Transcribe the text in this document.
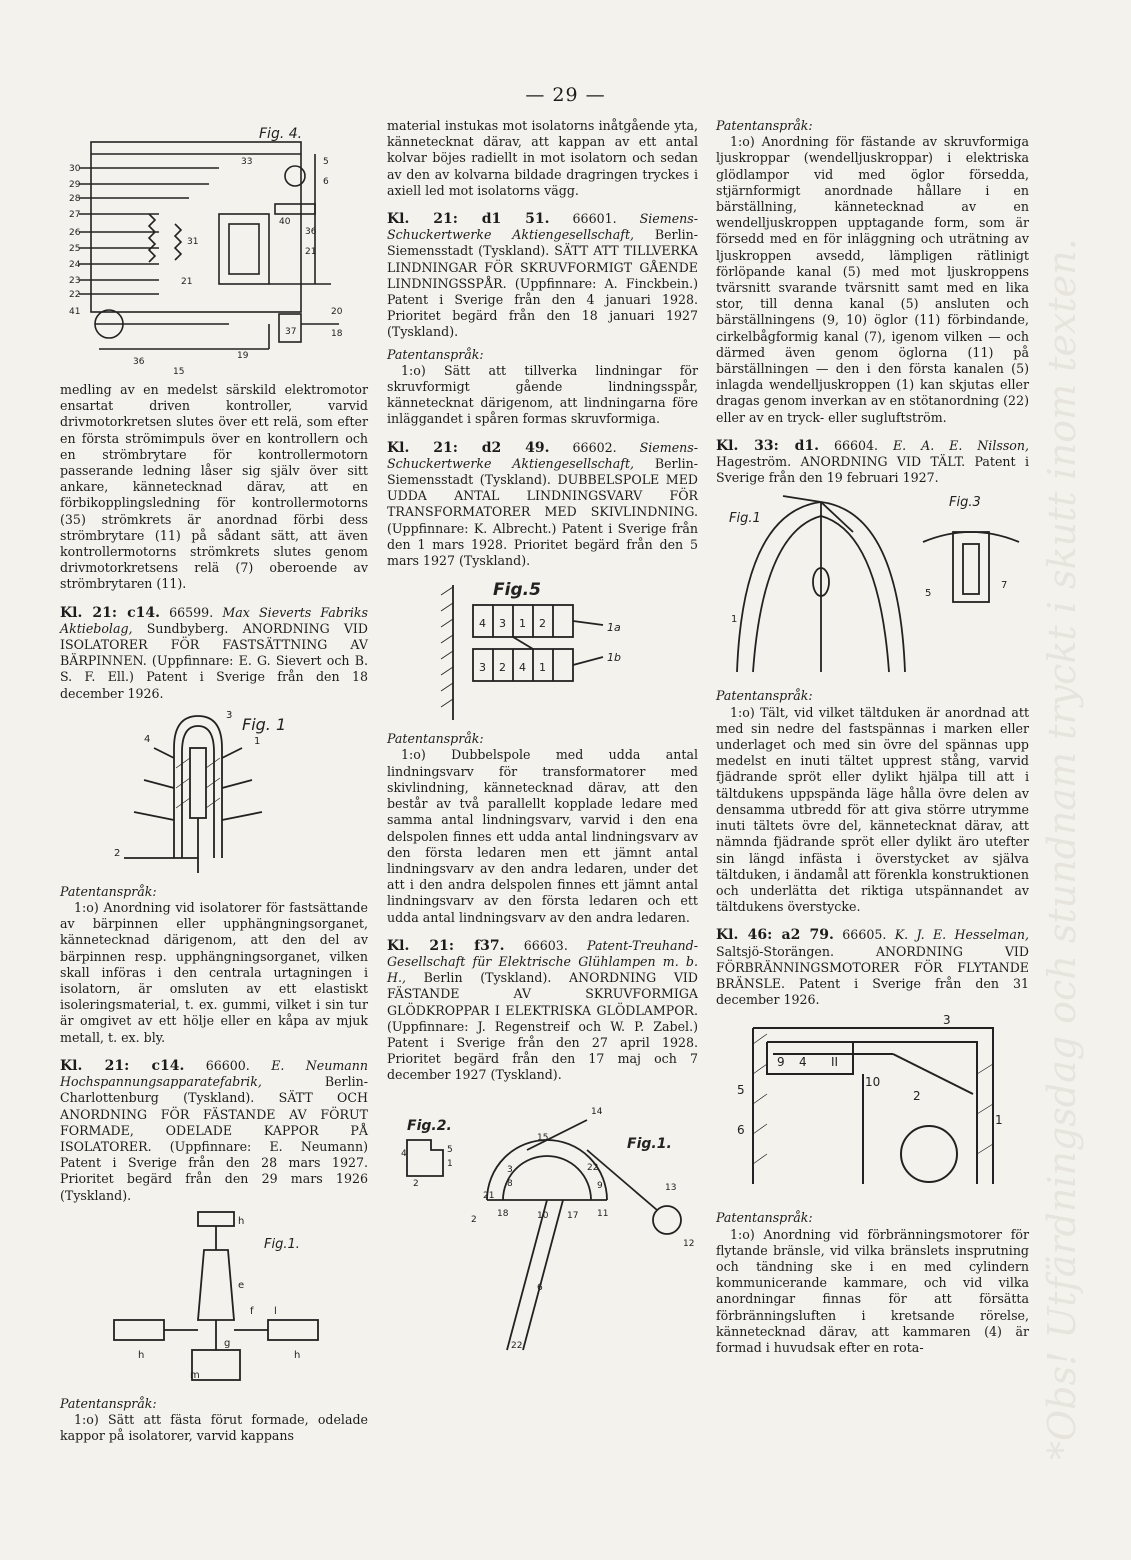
— 29 —
Fig. 4.
30
29
28
27
26
25
24
23
22
41
36
15
33	5
6
40
36
21
37
20
18
19
31
21

medling av en medelst särskild elektromotor ensartat driven kontroller, varvid drivmotorkretsen slutes över ett relä, som efter en första strömimpuls över en kontrollern och en strömbrytare för kontrollermotorn passerande ledning låser sig själv över sitt ankare, kännetecknad därav, att en förbikopplingsledning för kontrollermotorns (35) strömkrets är anordnad förbi dess strömbrytare (11) på sådant sätt, att även kontrollermotorns strömkrets slutes genom drivmotorkretsens relä (7) oberoende av strömbrytaren (11).

Kl. 21: c14. 66599. Max Sieverts Fabriks Aktiebolag, Sundbyberg. ANORDNING VID ISOLATORER FÖR FASTSÄTTNING AV BÄRPINNEN. (Uppfinnare: E. G. Sievert och B. S. F. Ell.) Patent i Sverige från den 18 december 1926.

Fig. 1
4
3
1
2

Patentanspråk:

1:o) Anordning vid isolatorer för fastsättande av bärpinnen eller upphängningsorganet, kännetecknad därigenom, att den del av bärpinnen resp. upphängningsorganet, vilken skall införas i den centrala urtagningen i isolatorn, är omsluten av ett elastiskt isoleringsmaterial, t. ex. gummi, vilket i sin tur är omgivet av ett hölje eller en kåpa av mjuk metall, t. ex. bly.

Kl. 21: c14. 66600. E. Neumann Hochspannungsapparatefabrik,	Berlin-Charlottenburg (Tyskland). SÄTT OCH ANORDNING FÖR FÄSTANDE AV FÖRUT FORMADE, ODELADE KAPPOR PÅ ISOLATORER. (Uppfinnare: E. Neumann) Patent i Sverige från den 28 mars 1927. Prioritet begärd från den 29 mars 1926 (Tyskland).

Fig.1.
h
e
f l
h	h
g
m

Patentanspråk:

1:o) Sätt att fästa förut formade, odelade kappor på isolatorer, varvid kappans

material instukas mot isolatorns inåtgående yta, kännetecknat därav, att kappan av ett antal kolvar böjes radiellt in mot isolatorn och sedan av den av kolvarna bildade dragringen tryckes i axiell led mot isolatorns vägg.

Kl. 21: d1 51. 66601. Siemens-Schuckertwerke Aktiengesellschaft, Berlin-Siemensstadt (Tyskland). SÄTT ATT TILLVERKA LINDNINGAR FÖR SKRUVFORMIGT GÅENDE LINDNINGSSPÅR. (Uppfinnare: A. Finckbein.) Patent i Sverige från den 4 januari 1928. Prioritet begärd från den 18 januari 1927 (Tyskland).

Patentanspråk:

1:o) Sätt att tillverka lindningar för skruvformigt gående lindningsspår, kännetecknat därigenom, att lindningarna före inläggandet i spåren formas skruvformiga.

Kl. 21: d2 49. 66602. Siemens-Schuckertwerke Aktiengesellschaft, Berlin-Siemensstadt (Tyskland). DUBBELSPOLE MED UDDA ANTAL LINDNINGSVARV FÖR TRANSFORMATORER MED SKIVLINDNING. (Uppfinnare: K. Albrecht.) Patent i Sverige från den 1 mars 1928. Prioritet begärd från den 5 mars 1927 (Tyskland).

Fig.5
4 3 1 2
3 2 4 1
1a
1b

Patentanspråk:

1:o) Dubbelspole med udda antal lindningsvarv för transformatorer med skivlindning, kännetecknad därav, att den består av två parallellt kopplade ledare med samma antal lindningsvarv, varvid i den ena delspolen finnes ett udda antal lindningsvarv av den första ledaren men ett jämnt antal lindningsvarv av den andra ledaren, under det att i den andra delspolen finnes ett jämnt antal lindningsvarv av den första ledaren och ett udda antal lindningsvarv av den andra ledaren.

Kl. 21: f37. 66603. Patent-Treuhand-Gesellschaft für Elektrische Glühlampen m. b. H., Berlin (Tyskland). ANORDNING VID FÄSTANDE AV SKRUVFORMIGA GLÖDKROPPAR I ELEKTRISKA GLÖDLAMPOR. (Uppfinnare: J. Regenstreif och W. P. Zabel.) Patent i Sverige från den 27 april 1928. Prioritet begärd från den 17 maj och 7 december 1927 (Tyskland).

Fig.2.
Fig.1.
4	5
1
2
14
15
21
2
18	10 17 11
13
12
6
22
22
9
3
8

Patentanspråk:

1:o) Anordning för fästande av skruvformiga ljuskroppar (wendelljuskroppar) i elektriska glödlampor vid med öglor försedda, stjärnformigt anordnade hållare i en bärställning, kännetecknad av en wendelljuskroppen upptagande form, som är försedd med en för inläggning och uträtning av ljuskroppen avsedd, lämpligen rätlinigt förlöpande kanal (5) med mot ljuskroppens tvärsnitt svarande tvärsnitt samt med en lika stor, till denna kanal (5) ansluten och bärställningens (9, 10) öglor (11) förbindande, cirkelbågformig kanal (7), igenom vilken — och därmed även genom öglorna (11) på bärställningen — den i den första kanalen (5) inlagda wendelljuskroppen (1) kan skjutas eller dragas genom inverkan av en stötanordning (22) eller av en tryck- eller sugluftström.

Kl. 33: d1. 66604. E. A. E. Nilsson, Hageström. ANORDNING VID TÄLT. Patent i Sverige från den 19 februari 1927.

Fig.1
Fig.3
1
7
5

Patentanspråk:

1:o) Tält, vid vilket tältduken är anordnad att med sin nedre del fastspännas i marken eller underlaget och med sin övre del spännas upp medelst en inuti tältet upprest stång, varvid fjädrande spröt eller dylikt hjälpa till att i tältdukens uppspända läge hålla övre delen av densamma utbredd för att giva större utrymme inuti tältets övre del, kännetecknat därav, att nämnda fjädrande spröt eller dylikt äro utefter sin längd infästa i överstycket av själva tältduken, i ändamål att förenkla konstruktionen och underlätta det riktiga utspännandet av tältdukens överstycke.

Kl. 46: a2 79. 66605. K. J. E. Hesselman, Saltsjö-Storängen. ANORDNING VID FÖRBRÄNNINGSMOTORER FÖR FLYTANDE BRÄNSLE. Patent i Sverige från den 31 december 1926.

3
9 4 II
10
5
6
2
1

Patentanspråk:

1:o) Anordning vid förbränningsmotorer för flytande bränsle, vid vilka bränslets insprutning och tändning ske i en med cylindern kommunicerande kammare, och vid vilka anordningar finnas för att försätta förbränningsluften i kretsande rörelse, kännetecknad därav, att kammaren (4) är formad i huvudsak efter en rota-	*Obs! Utfärdningsdag och stundnam tryckt i skutt inom texten.
